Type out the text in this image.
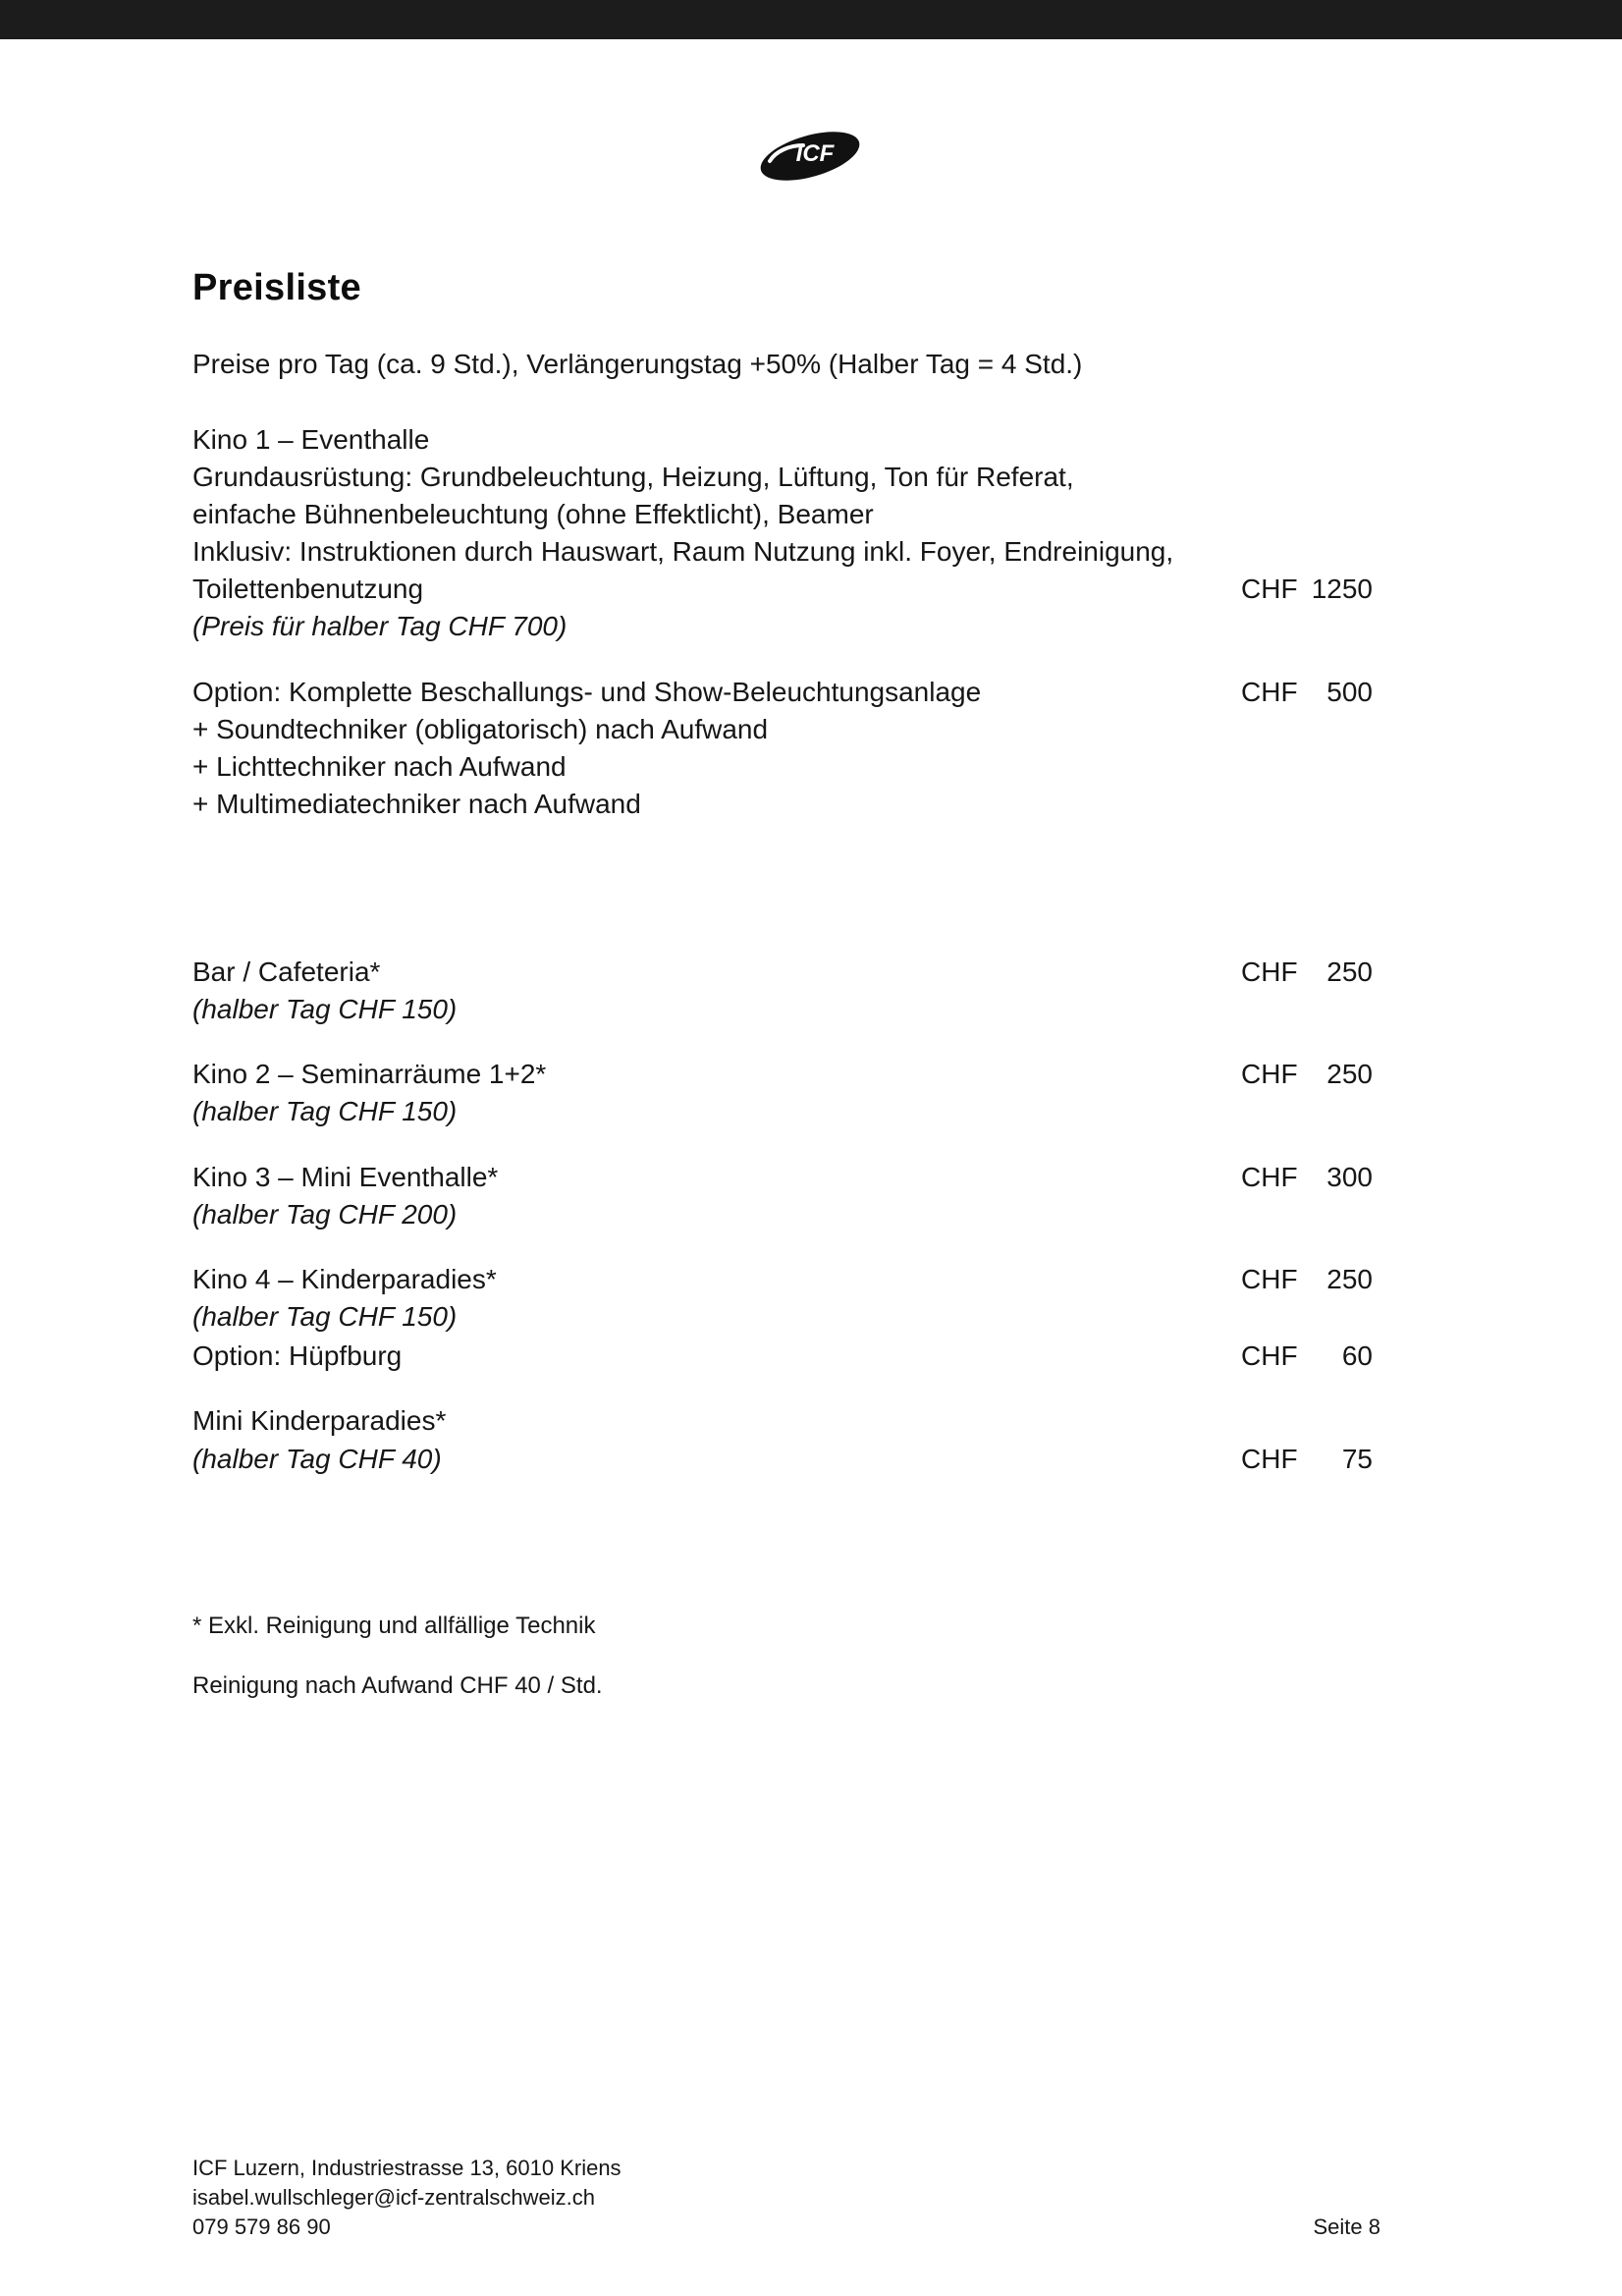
ICF
Preisliste
Preise pro Tag (ca. 9 Std.), Verlängerungstag +50% (Halber Tag = 4 Std.)
Kino 1 – Eventhalle
Grundausrüstung: Grundbeleuchtung, Heizung, Lüftung, Ton für Referat,
einfache Bühnenbeleuchtung (ohne Effektlicht), Beamer
Inklusiv: Instruktionen durch Hauswart, Raum Nutzung inkl. Foyer, Endreinigung,
Toilettenbenutzung	CHF 1250
(Preis für halber Tag CHF 700)
Option: Komplette Beschallungs- und Show-Beleuchtungsanlage	CHF 500
+ Soundtechniker (obligatorisch) nach Aufwand
+ Lichttechniker nach Aufwand
+ Multimediatechniker nach Aufwand
Bar / Cafeteria*	CHF 250
(halber Tag CHF 150)
Kino 2 – Seminarräume 1+2*	CHF 250
(halber Tag CHF 150)
Kino 3 – Mini Eventhalle*	CHF 300
(halber Tag CHF 200)
Kino 4 – Kinderparadies*	CHF 250
(halber Tag CHF 150)
Option: Hüpfburg	CHF 60
Mini Kinderparadies*
(halber Tag CHF 40)	CHF 75
* Exkl. Reinigung und allfällige Technik
Reinigung nach Aufwand CHF 40 / Std.
ICF Luzern, Industriestrasse 13, 6010 Kriens
isabel.wullschleger@icf-zentralschweiz.ch
079 579 86 90	Seite 8
